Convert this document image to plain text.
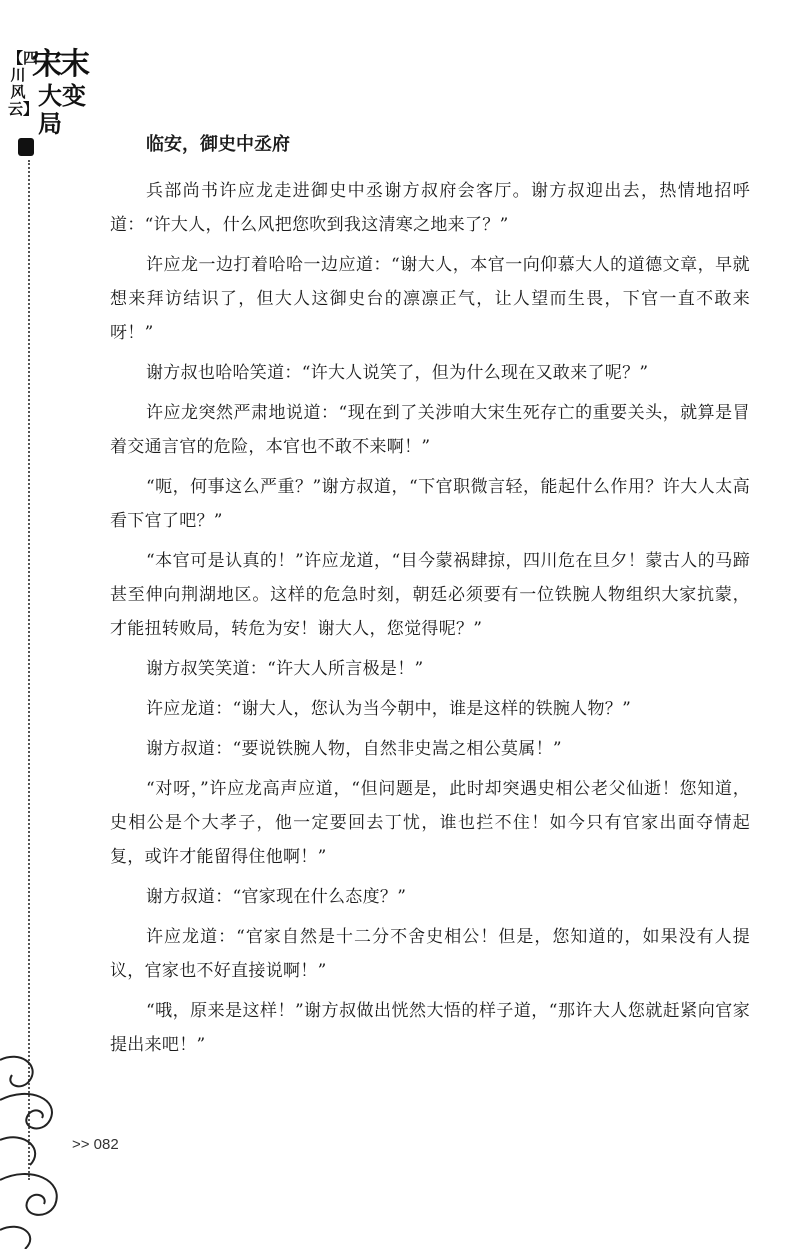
【四川风云】
宋末
大变局
临安，御史中丞府

兵部尚书许应龙走进御史中丞谢方叔府会客厅。谢方叔迎出去，热情地招呼道：“许大人，什么风把您吹到我这清寒之地来了？”

许应龙一边打着哈哈一边应道：“谢大人，本官一向仰慕大人的道德文章，早就想来拜访结识了，但大人这御史台的凛凛正气，让人望而生畏，下官一直不敢来呀！”

谢方叔也哈哈笑道：“许大人说笑了，但为什么现在又敢来了呢？”

许应龙突然严肃地说道：“现在到了关涉咱大宋生死存亡的重要关头，就算是冒着交通言官的危险，本官也不敢不来啊！”

“呃，何事这么严重？”谢方叔道，“下官职微言轻，能起什么作用？许大人太高看下官了吧？”

“本官可是认真的！”许应龙道，“目今蒙祸肆掠，四川危在旦夕！蒙古人的马蹄甚至伸向荆湖地区。这样的危急时刻，朝廷必须要有一位铁腕人物组织大家抗蒙，才能扭转败局，转危为安！谢大人，您觉得呢？”

谢方叔笑笑道：“许大人所言极是！”

许应龙道：“谢大人，您认为当今朝中，谁是这样的铁腕人物？”

谢方叔道：“要说铁腕人物，自然非史嵩之相公莫属！”

“对呀，”许应龙高声应道，“但问题是，此时却突遇史相公老父仙逝！您知道，史相公是个大孝子，他一定要回去丁忧，谁也拦不住！如今只有官家出面夺情起复，或许才能留得住他啊！”

谢方叔道：“官家现在什么态度？”

许应龙道：“官家自然是十二分不舍史相公！但是，您知道的，如果没有人提议，官家也不好直接说啊！”

“哦，原来是这样！”谢方叔做出恍然大悟的样子道，“那许大人您就赶紧向官家提出来吧！”

>> 082
